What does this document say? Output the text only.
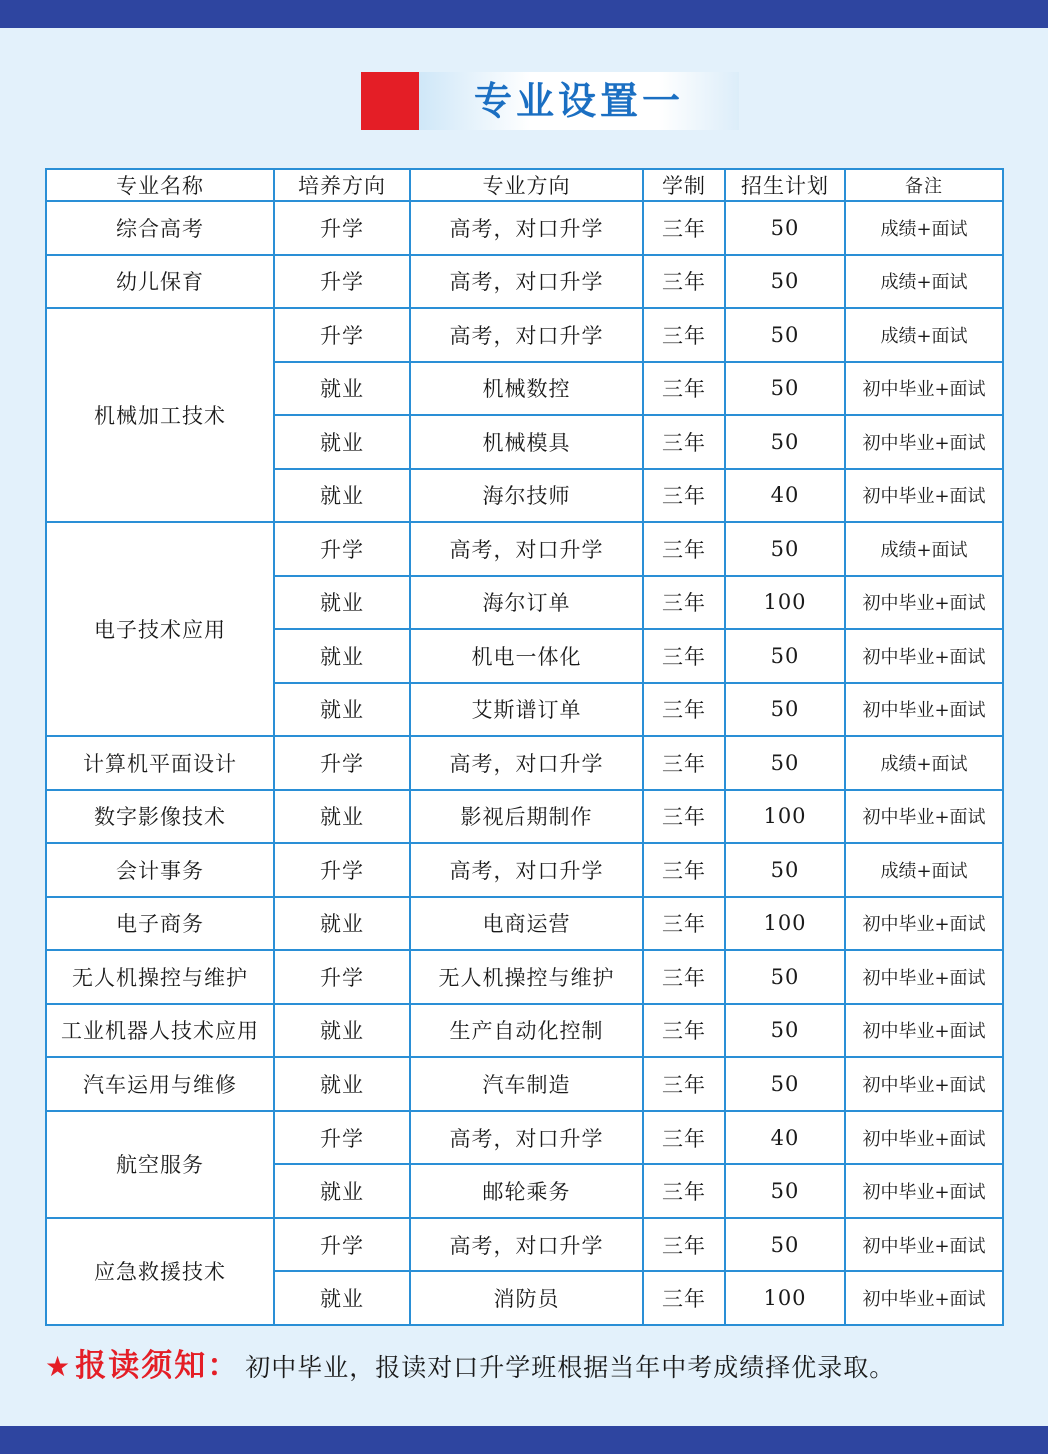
专业设置一
专业名称	培养方向	专业方向	学制	招生计划	备注
综合高考	升学	高考，对口升学	三年	50	成绩+面试
幼儿保育	升学	高考，对口升学	三年	50	成绩+面试
机械加工技术	升学	高考，对口升学	三年	50	成绩+面试
	就业	机械数控	三年	50	初中毕业+面试
	就业	机械模具	三年	50	初中毕业+面试
	就业	海尔技师	三年	40	初中毕业+面试
电子技术应用	升学	高考，对口升学	三年	50	成绩+面试
	就业	海尔订单	三年	100	初中毕业+面试
	就业	机电一体化	三年	50	初中毕业+面试
	就业	艾斯谱订单	三年	50	初中毕业+面试
计算机平面设计	升学	高考，对口升学	三年	50	成绩+面试
数字影像技术	就业	影视后期制作	三年	100	初中毕业+面试
会计事务	升学	高考，对口升学	三年	50	成绩+面试
电子商务	就业	电商运营	三年	100	初中毕业+面试
无人机操控与维护	升学	无人机操控与维护	三年	50	初中毕业+面试
工业机器人技术应用	就业	生产自动化控制	三年	50	初中毕业+面试
汽车运用与维修	就业	汽车制造	三年	50	初中毕业+面试
航空服务	升学	高考，对口升学	三年	40	初中毕业+面试
	就业	邮轮乘务	三年	50	初中毕业+面试
应急救援技术	升学	高考，对口升学	三年	50	初中毕业+面试
	就业	消防员	三年	100	初中毕业+面试
★ 报读须知： 初中毕业，报读对口升学班根据当年中考成绩择优录取。
